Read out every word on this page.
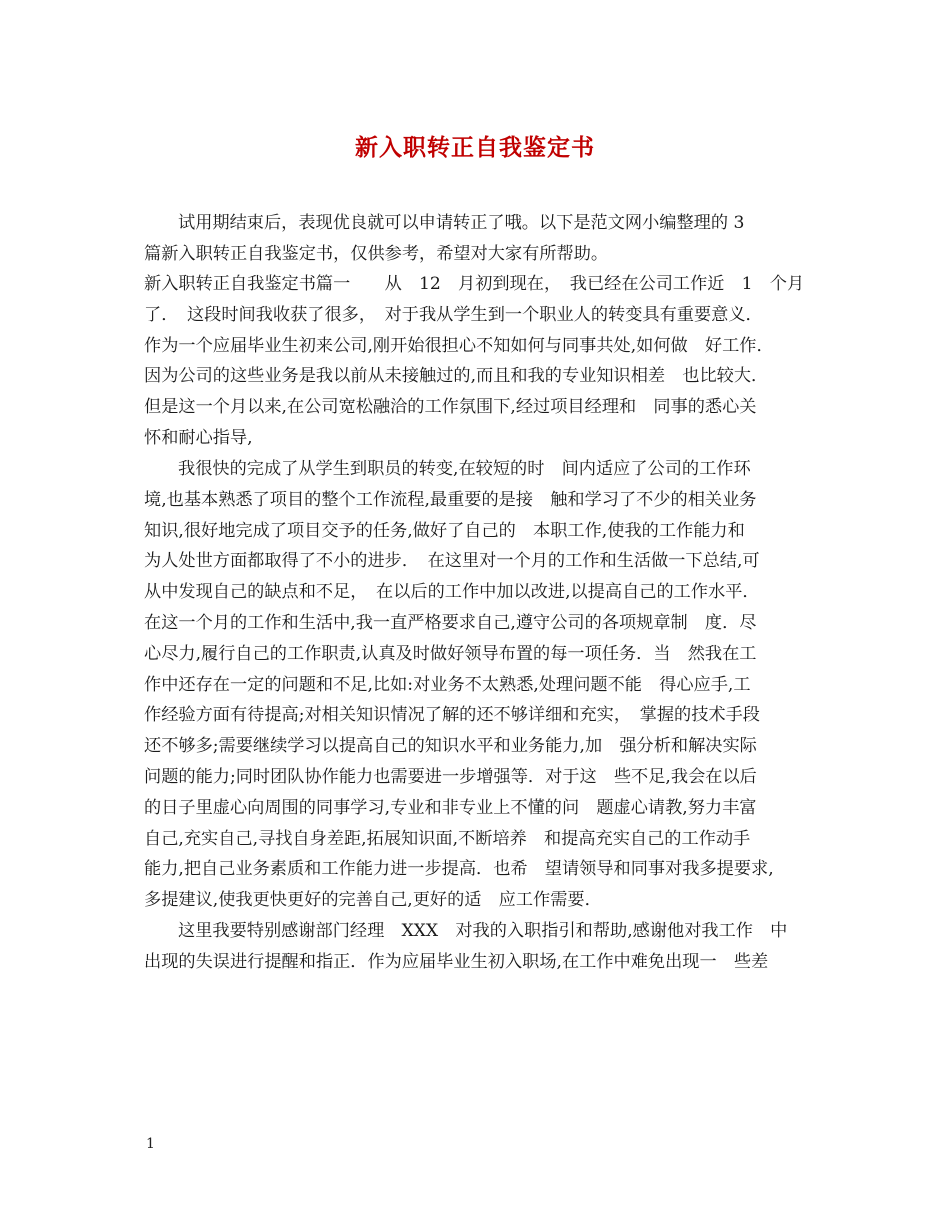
新入职转正自我鉴定书

试用期结束后，表现优良就可以申请转正了哦。以下是范文网小编整理的 3

篇新入职转正自我鉴定书，仅供参考，希望对大家有所帮助。

新入职转正自我鉴定书篇一　　从　12　月初到现在，　我已经在公司工作近　1　个月

了．　这段时间我收获了很多，　对于我从学生到一个职业人的转变具有重要意义．

作为一个应届毕业生初来公司,刚开始很担心不知如何与同事共处,如何做　好工作．

因为公司的这些业务是我以前从未接触过的,而且和我的专业知识相差　也比较大．

但是这一个月以来,在公司宽松融洽的工作氛围下,经过项目经理和　同事的悉心关

怀和耐心指导,

我很快的完成了从学生到职员的转变,在较短的时　间内适应了公司的工作环

境,也基本熟悉了项目的整个工作流程,最重要的是接　触和学习了不少的相关业务

知识,很好地完成了项目交予的任务,做好了自己的　本职工作,使我的工作能力和

为人处世方面都取得了不小的进步．　在这里对一个月的工作和生活做一下总结,可

从中发现自己的缺点和不足，　在以后的工作中加以改进,以提高自己的工作水平．

在这一个月的工作和生活中,我一直严格要求自己,遵守公司的各项规章制　度．尽

心尽力,履行自己的工作职责,认真及时做好领导布置的每一项任务．当　然我在工

作中还存在一定的问题和不足,比如:对业务不太熟悉,处理问题不能　得心应手,工

作经验方面有待提高;对相关知识情况了解的还不够详细和充实，　掌握的技术手段

还不够多;需要继续学习以提高自己的知识水平和业务能力,加　强分析和解决实际

问题的能力;同时团队协作能力也需要进一步增强等．对于这　些不足,我会在以后

的日子里虚心向周围的同事学习,专业和非专业上不懂的问　题虚心请教,努力丰富

自己,充实自己,寻找自身差距,拓展知识面,不断培养　和提高充实自己的工作动手

能力,把自己业务素质和工作能力进一步提高．也希　望请领导和同事对我多提要求,

多提建议,使我更快更好的完善自己,更好的适　应工作需要．

这里我要特别感谢部门经理　XXX　对我的入职指引和帮助,感谢他对我工作　中

出现的失误进行提醒和指正．作为应届毕业生初入职场,在工作中难免出现一　些差

1
